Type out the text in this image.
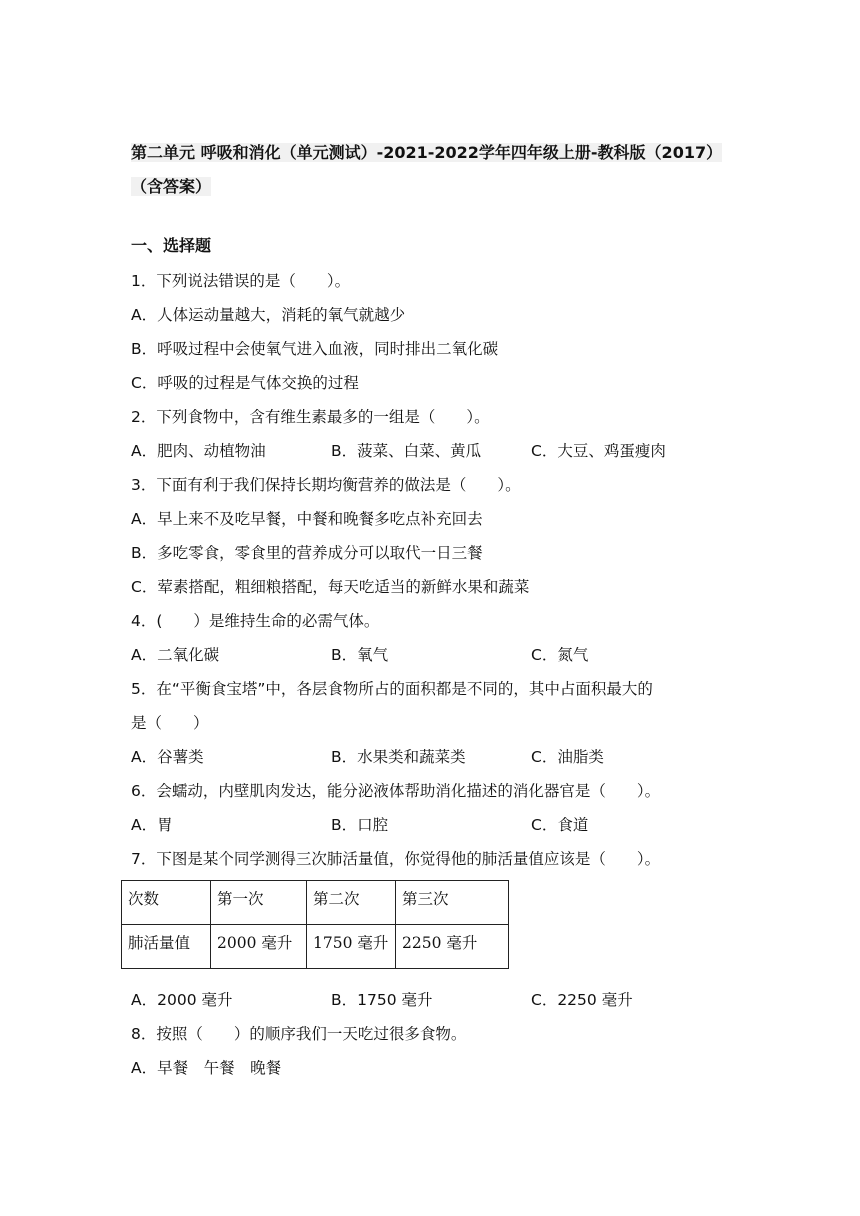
第二单元 呼吸和消化（单元测试）-2021-2022学年四年级上册-教科版（2017）
（含答案）
一、选择题
1．下列说法错误的是（　　）。
A．人体运动量越大，消耗的氧气就越少
B．呼吸过程中会使氧气进入血液，同时排出二氧化碳
C．呼吸的过程是气体交换的过程
2．下列食物中，含有维生素最多的一组是（　　）。
A．肥肉、动植物油	B．菠菜、白菜、黄瓜	C．大豆、鸡蛋瘦肉
3．下面有利于我们保持长期均衡营养的做法是（　　）。
A．早上来不及吃早餐，中餐和晚餐多吃点补充回去
B．多吃零食，零食里的营养成分可以取代一日三餐
C．荤素搭配，粗细粮搭配，每天吃适当的新鲜水果和蔬菜
4．(　　）是维持生命的必需气体。
A．二氧化碳	B．氧气	C．氮气
5．在“平衡食宝塔”中，各层食物所占的面积都是不同的，其中占面积最大的
是（　　）
A．谷薯类	B．水果类和蔬菜类	C．油脂类
6．会蠕动，内壁肌肉发达，能分泌液体帮助消化描述的消化器官是（　　）。
A．胃	B．口腔	C．食道
7．下图是某个同学测得三次肺活量值，你觉得他的肺活量值应该是（　　）。
次数	第一次	第二次	第三次
肺活量值	2000 毫升	1750 毫升	2250 毫升
A．2000 毫升	B．1750 毫升	C．2250 毫升
8．按照（　　）的顺序我们一天吃过很多食物。
A．早餐　午餐　晚餐
